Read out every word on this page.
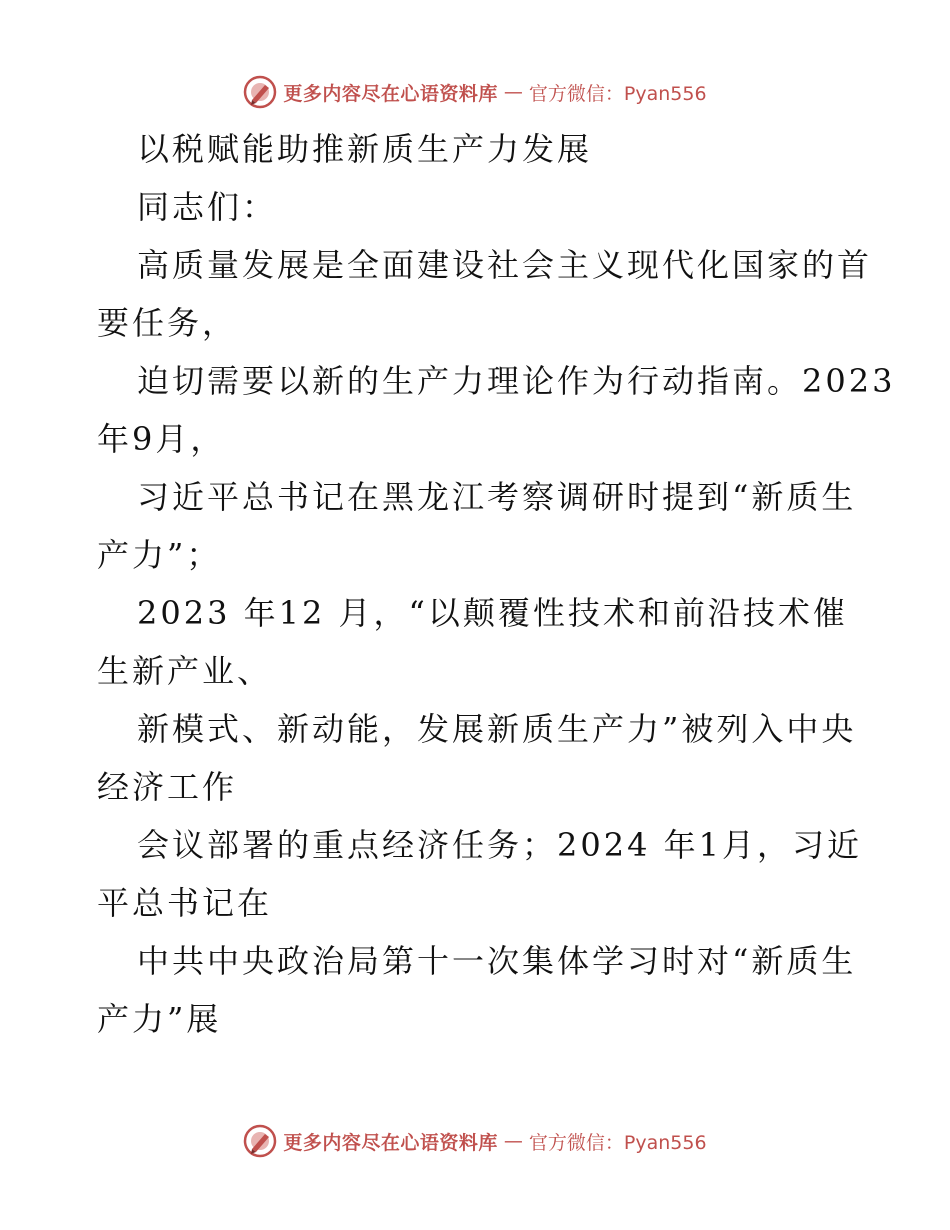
更多内容尽在心语资料库 — 官方微信：Pyan556
以税赋能助推新质生产力发展
同志们：
高质量发展是全面建设社会主义现代化国家的首
要任务，
迫切需要以新的生产力理论作为行动指南。2023
年9月，
习近平总书记在黑龙江考察调研时提到“新质生
产力”；
2023 年12 月，“以颠覆性技术和前沿技术催
生新产业、
新模式、新动能，发展新质生产力”被列入中央
经济工作
会议部署的重点经济任务；2024 年1月，习近
平总书记在
中共中央政治局第十一次集体学习时对“新质生
产力”展
更多内容尽在心语资料库 — 官方微信：Pyan556
